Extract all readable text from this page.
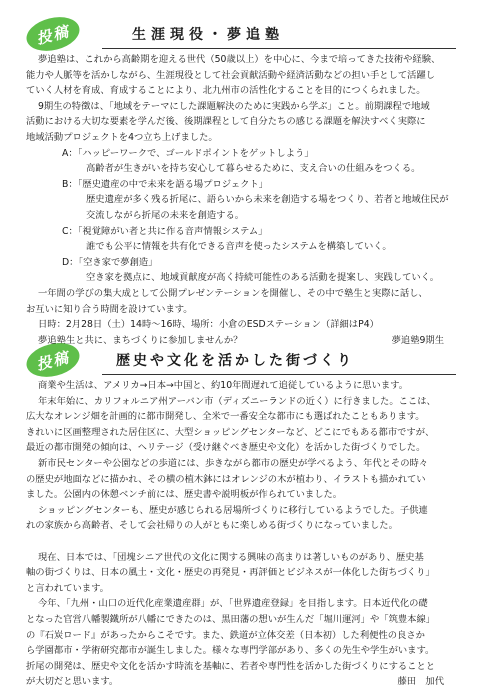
投稿	生涯現役・夢追塾

夢追塾は、これから高齢期を迎える世代（50歳以上）を中心に、今まで培ってきた技術や経験、

能力や人脈等を活かしながら、生涯現役として社会貢献活動や経済活動などの担い手として活躍し

ていく人材を育成、育成することにより、北九州市の活性化することを目的につくられました。

9期生の特徴は、「地域をテーマにした課題解決のために実践から学ぶ」こと。前期課程で地域

活動における大切な要素を学んだ後、後期課程として自分たちの感じる課題を解決すべく実際に

地域活動プロジェクトを4つ立ち上げました。

A：「ハッピーワークで、ゴールドポイントをゲットしよう」

高齢者が生きがいを持ち安心して暮らせるために、支え合いの仕組みをつくる。

B：「歴史遺産の中で未来を語る場プロジェクト」

歴史遺産が多く残る折尾に、語らいから未来を創造する場をつくり、若者と地域住民が

交流しながら折尾の未来を創造する。

C：「視覚障がい者と共に作る音声情報システム」

誰でも公平に情報を共有化できる音声を使ったシステムを構築していく。

D：「空き家で夢創造」

空き家を拠点に、地域貢献度が高く持続可能性のある活動を提案し、実践していく。

一年間の学びの集大成として公開プレゼンテーションを開催し、その中で塾生と実際に話し、

お互いに知り合う時間を設けています。

日時：2月28日（土）14時〜16時、場所：小倉のESDステーション（詳細はP4）

夢追塾生と共に、まちづくりに参加しませんか？	夢追塾9期生
投稿	歴史や文化を活かした街づくり

商業や生活は、アメリカ→日本→中国と、約10年間遅れて追従しているように思います。

年末年始に、カリフォルニア州アーバン市（ディズニーランドの近く）に行きました。ここは、

広大なオレンジ畑を計画的に都市開発し、全米で一番安全な都市にも選ばれたこともあります。

きれいに区画整理された居住区に、大型ショッピングセンターなど、どこにでもある都市ですが、

最近の都市開発の傾向は、ヘリテージ（受け継ぐべき歴史や文化）を活かした街づくりでした。

新市民センターや公園などの歩道には、歩きながら都市の歴史が学べるよう、年代とその時々

の歴史が地面などに描かれ、その横の植木鉢にはオレンジの木が植わり、イラストも描かれてい

ました。公園内の休憩ベンチ前には、歴史書や説明板が作られていました。

ショッピングセンターも、歴史が感じられる居場所づくりに移行しているようでした。子供連

れの家族から高齢者、そして会社帰りの人がともに楽しめる街づくりになっていました。

現在、日本では、「団塊シニア世代の文化に関する興味の高まりは著しいものがあり、歴史基

軸の街づくりは、日本の風土・文化・歴史の再発見・再評価とビジネスが一体化した街ちづくり」

と言われています。

今年、「九州・山口の近代化産業遺産群」が、「世界遺産登録」を目指します。日本近代化の礎

となった官営八幡製鐵所が八幡にできたのは、黒田藩の想いが生んだ「堀川運河」や「筑豊本線」

の『石炭ロード』があったからこそです。また、鉄道が立体交差（日本初）した利便性の良さか

ら学園都市・学術研究都市が誕生しました。様々な専門学部があり、多くの先生や学生がいます。

折尾の開発は、歴史や文化を活かす時流を基軸に、若者や専門性を活かした街づくりにすることと

が大切だと思います。	藤田　加代
